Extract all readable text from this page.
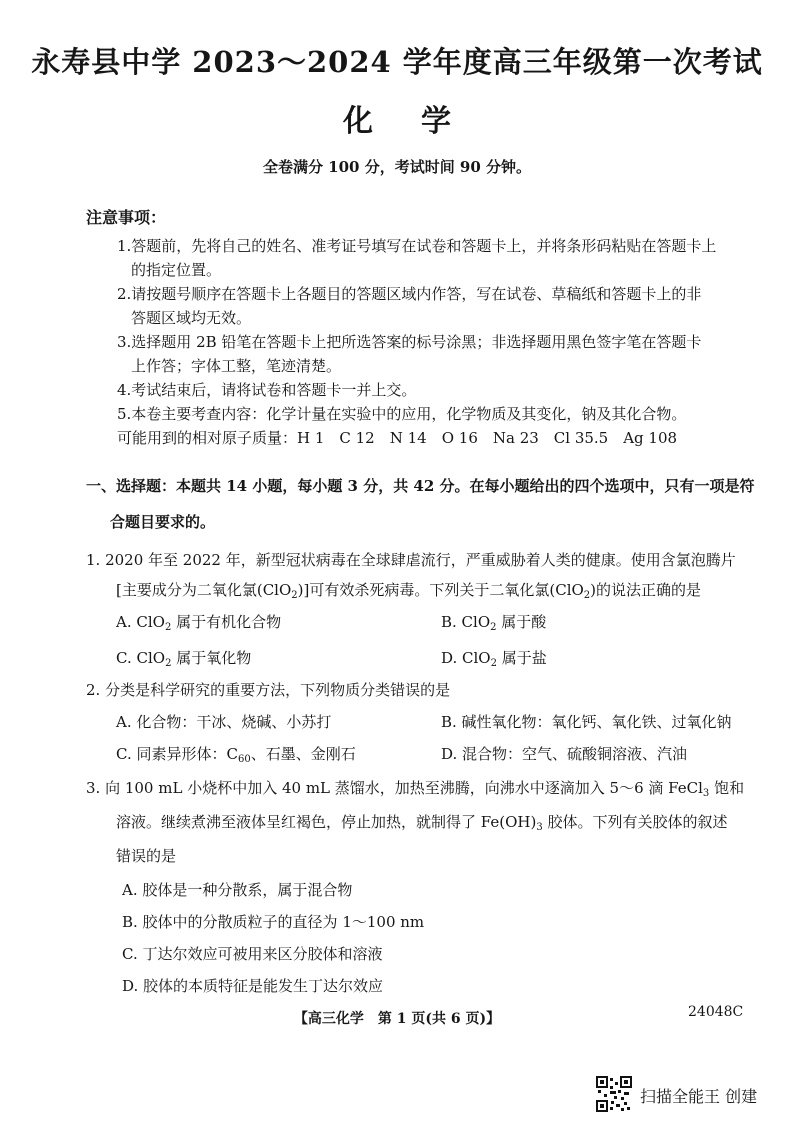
永寿县中学 2023～2024 学年度高三年级第一次考试
化学
全卷满分 100 分，考试时间 90 分钟。
注意事项：
1.答题前，先将自己的姓名、准考证号填写在试卷和答题卡上，并将条形码粘贴在答题卡上
的指定位置。
2.请按题号顺序在答题卡上各题目的答题区域内作答，写在试卷、草稿纸和答题卡上的非
答题区域均无效。
3.选择题用 2B 铅笔在答题卡上把所选答案的标号涂黑；非选择题用黑色签字笔在答题卡
上作答；字体工整，笔迹清楚。
4.考试结束后，请将试卷和答题卡一并上交。
5.本卷主要考查内容：化学计量在实验中的应用，化学物质及其变化，钠及其化合物。
可能用到的相对原子质量：H 1　C 12　N 14　O 16　Na 23　Cl 35.5　Ag 108
一、选择题：本题共 14 小题，每小题 3 分，共 42 分。在每小题给出的四个选项中，只有一项是符
合题目要求的。
1. 2020 年至 2022 年，新型冠状病毒在全球肆虐流行，严重威胁着人类的健康。使用含氯泡腾片
[主要成分为二氧化氯(ClO$_2$)]可有效杀死病毒。下列关于二氧化氯(ClO$_2$)的说法正确的是
A. ClO$_2$ 属于有机化合物	B. ClO$_2$ 属于酸
C. ClO$_2$ 属于氧化物	D. ClO$_2$ 属于盐
2. 分类是科学研究的重要方法，下列物质分类错误的是
A. 化合物：干冰、烧碱、小苏打	B. 碱性氧化物：氧化钙、氧化铁、过氧化钠
C. 同素异形体：$C_{60}$、石墨、金刚石	D. 混合物：空气、硫酸铜溶液、汽油
3. 向 100 mL 小烧杯中加入 40 mL 蒸馏水，加热至沸腾，向沸水中逐滴加入 5～6 滴 FeCl$_3$ 饱和
溶液。继续煮沸至液体呈红褐色，停止加热，就制得了 $Fe(OH)_3$ 胶体。下列有关胶体的叙述
错误的是
A. 胶体是一种分散系，属于混合物
B. 胶体中的分散质粒子的直径为 1～100 nm
C. 丁达尔效应可被用来区分胶体和溶液
D. 胶体的本质特征是能发生丁达尔效应
【高三化学　第 1 页(共 6 页)】	24048C
扫描全能王 创建
